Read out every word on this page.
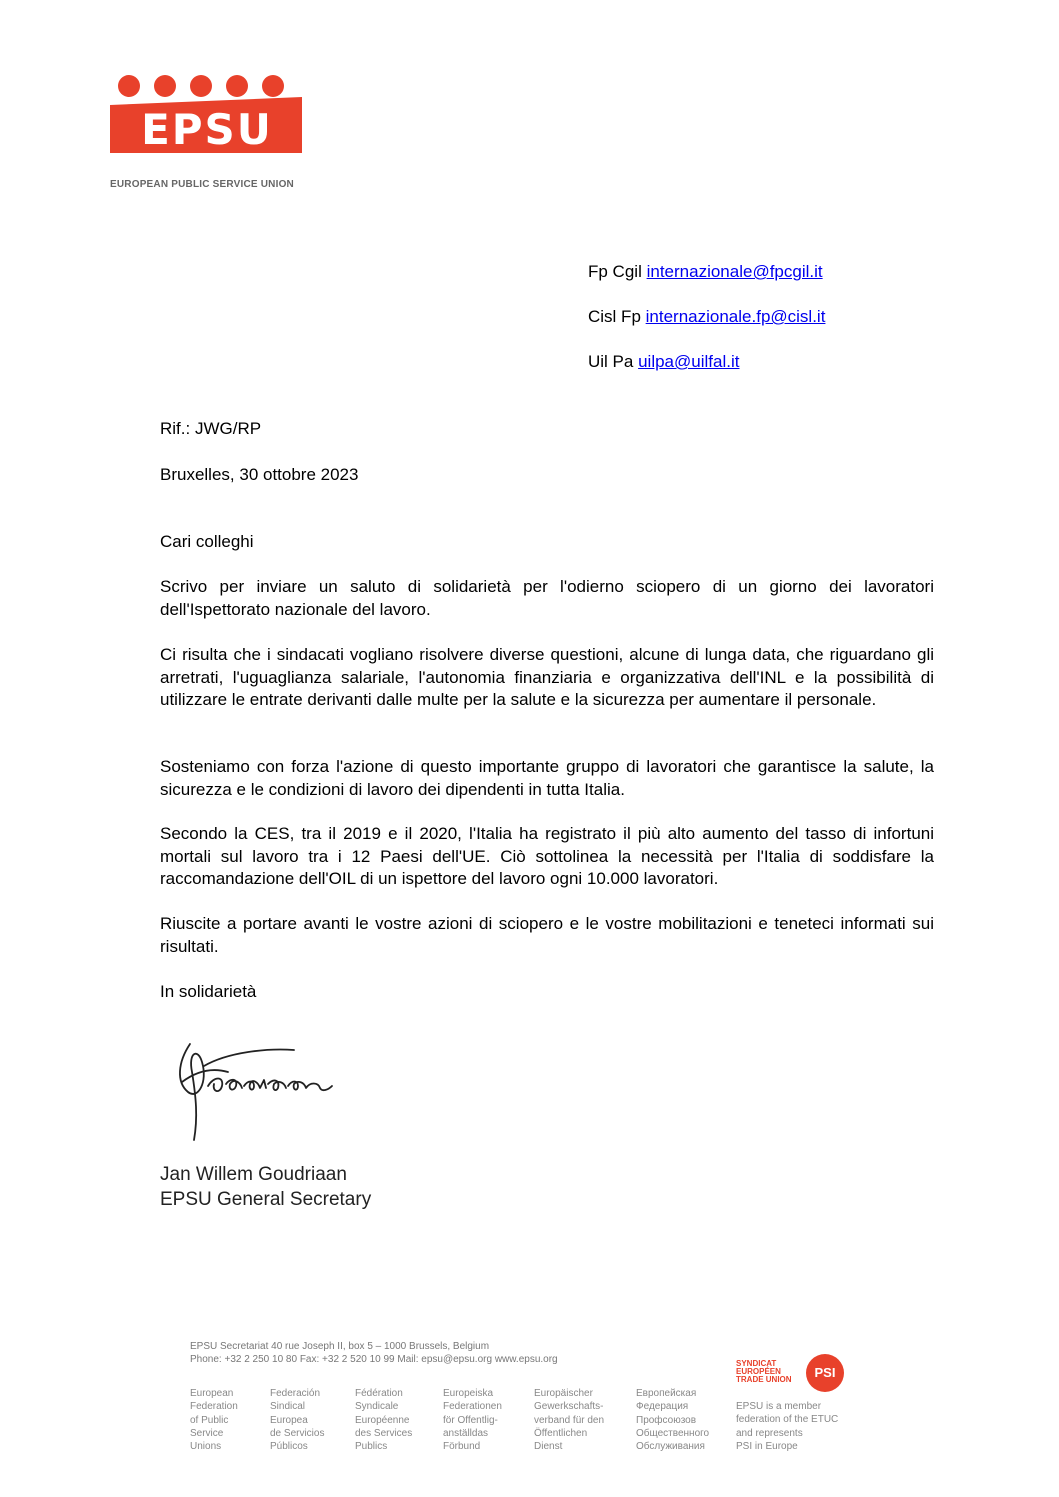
EPSU
EUROPEAN PUBLIC SERVICE UNION
Fp Cgil internazionale@fpcgil.it
Cisl Fp internazionale.fp@cisl.it
Uil Pa uilpa@uilfal.it
Rif.: JWG/RP
Bruxelles, 30 ottobre 2023
Cari colleghi
Scrivo per inviare un saluto di solidarietà per l'odierno sciopero di un giorno dei lavoratori dell'Ispettorato nazionale del lavoro.
Ci risulta che i sindacati vogliano risolvere diverse questioni, alcune di lunga data, che riguardano gli arretrati, l'uguaglianza salariale, l'autonomia finanziaria e organizzativa dell'INL e la possibilità di utilizzare le entrate derivanti dalle multe per la salute e la sicurezza per aumentare il personale.
Sosteniamo con forza l'azione di questo importante gruppo di lavoratori che garantisce la salute, la sicurezza e le condizioni di lavoro dei dipendenti in tutta Italia.
Secondo la CES, tra il 2019 e il 2020, l'Italia ha registrato il più alto aumento del tasso di infortuni mortali sul lavoro tra i 12 Paesi dell'UE. Ciò sottolinea la necessità per l'Italia di soddisfare la raccomandazione dell'OIL di un ispettore del lavoro ogni 10.000 lavoratori.
Riuscite a portare avanti le vostre azioni di sciopero e le vostre mobilitazioni e teneteci informati sui risultati.
In solidarietà
Jan Willem Goudriaan
EPSU General Secretary
EPSU Secretariat 40 rue Joseph II, box 5 – 1000 Brussels, Belgium
Phone: +32 2 250 10 80 Fax: +32 2 520 10 99 Mail: epsu@epsu.org www.epsu.org
European
Federation
of Public
Service
Unions
Federación
Sindical
Europea
de Servicios
Públicos
Fédération
Syndicale
Européenne
des Services
Publics
Europeiska
Federationen
för Offentlig-
anställdas
Förbund
Europäischer
Gewerkschafts-
verband für den
Öffentlichen
Dienst
Европейская
Федерация
Профсоюзов
Общественного
Обслуживания
SYNDICAT EUROPÉEN TRADE UNION	PSI
EPSU is a member
federation of the ETUC
and represents
PSI in Europe
